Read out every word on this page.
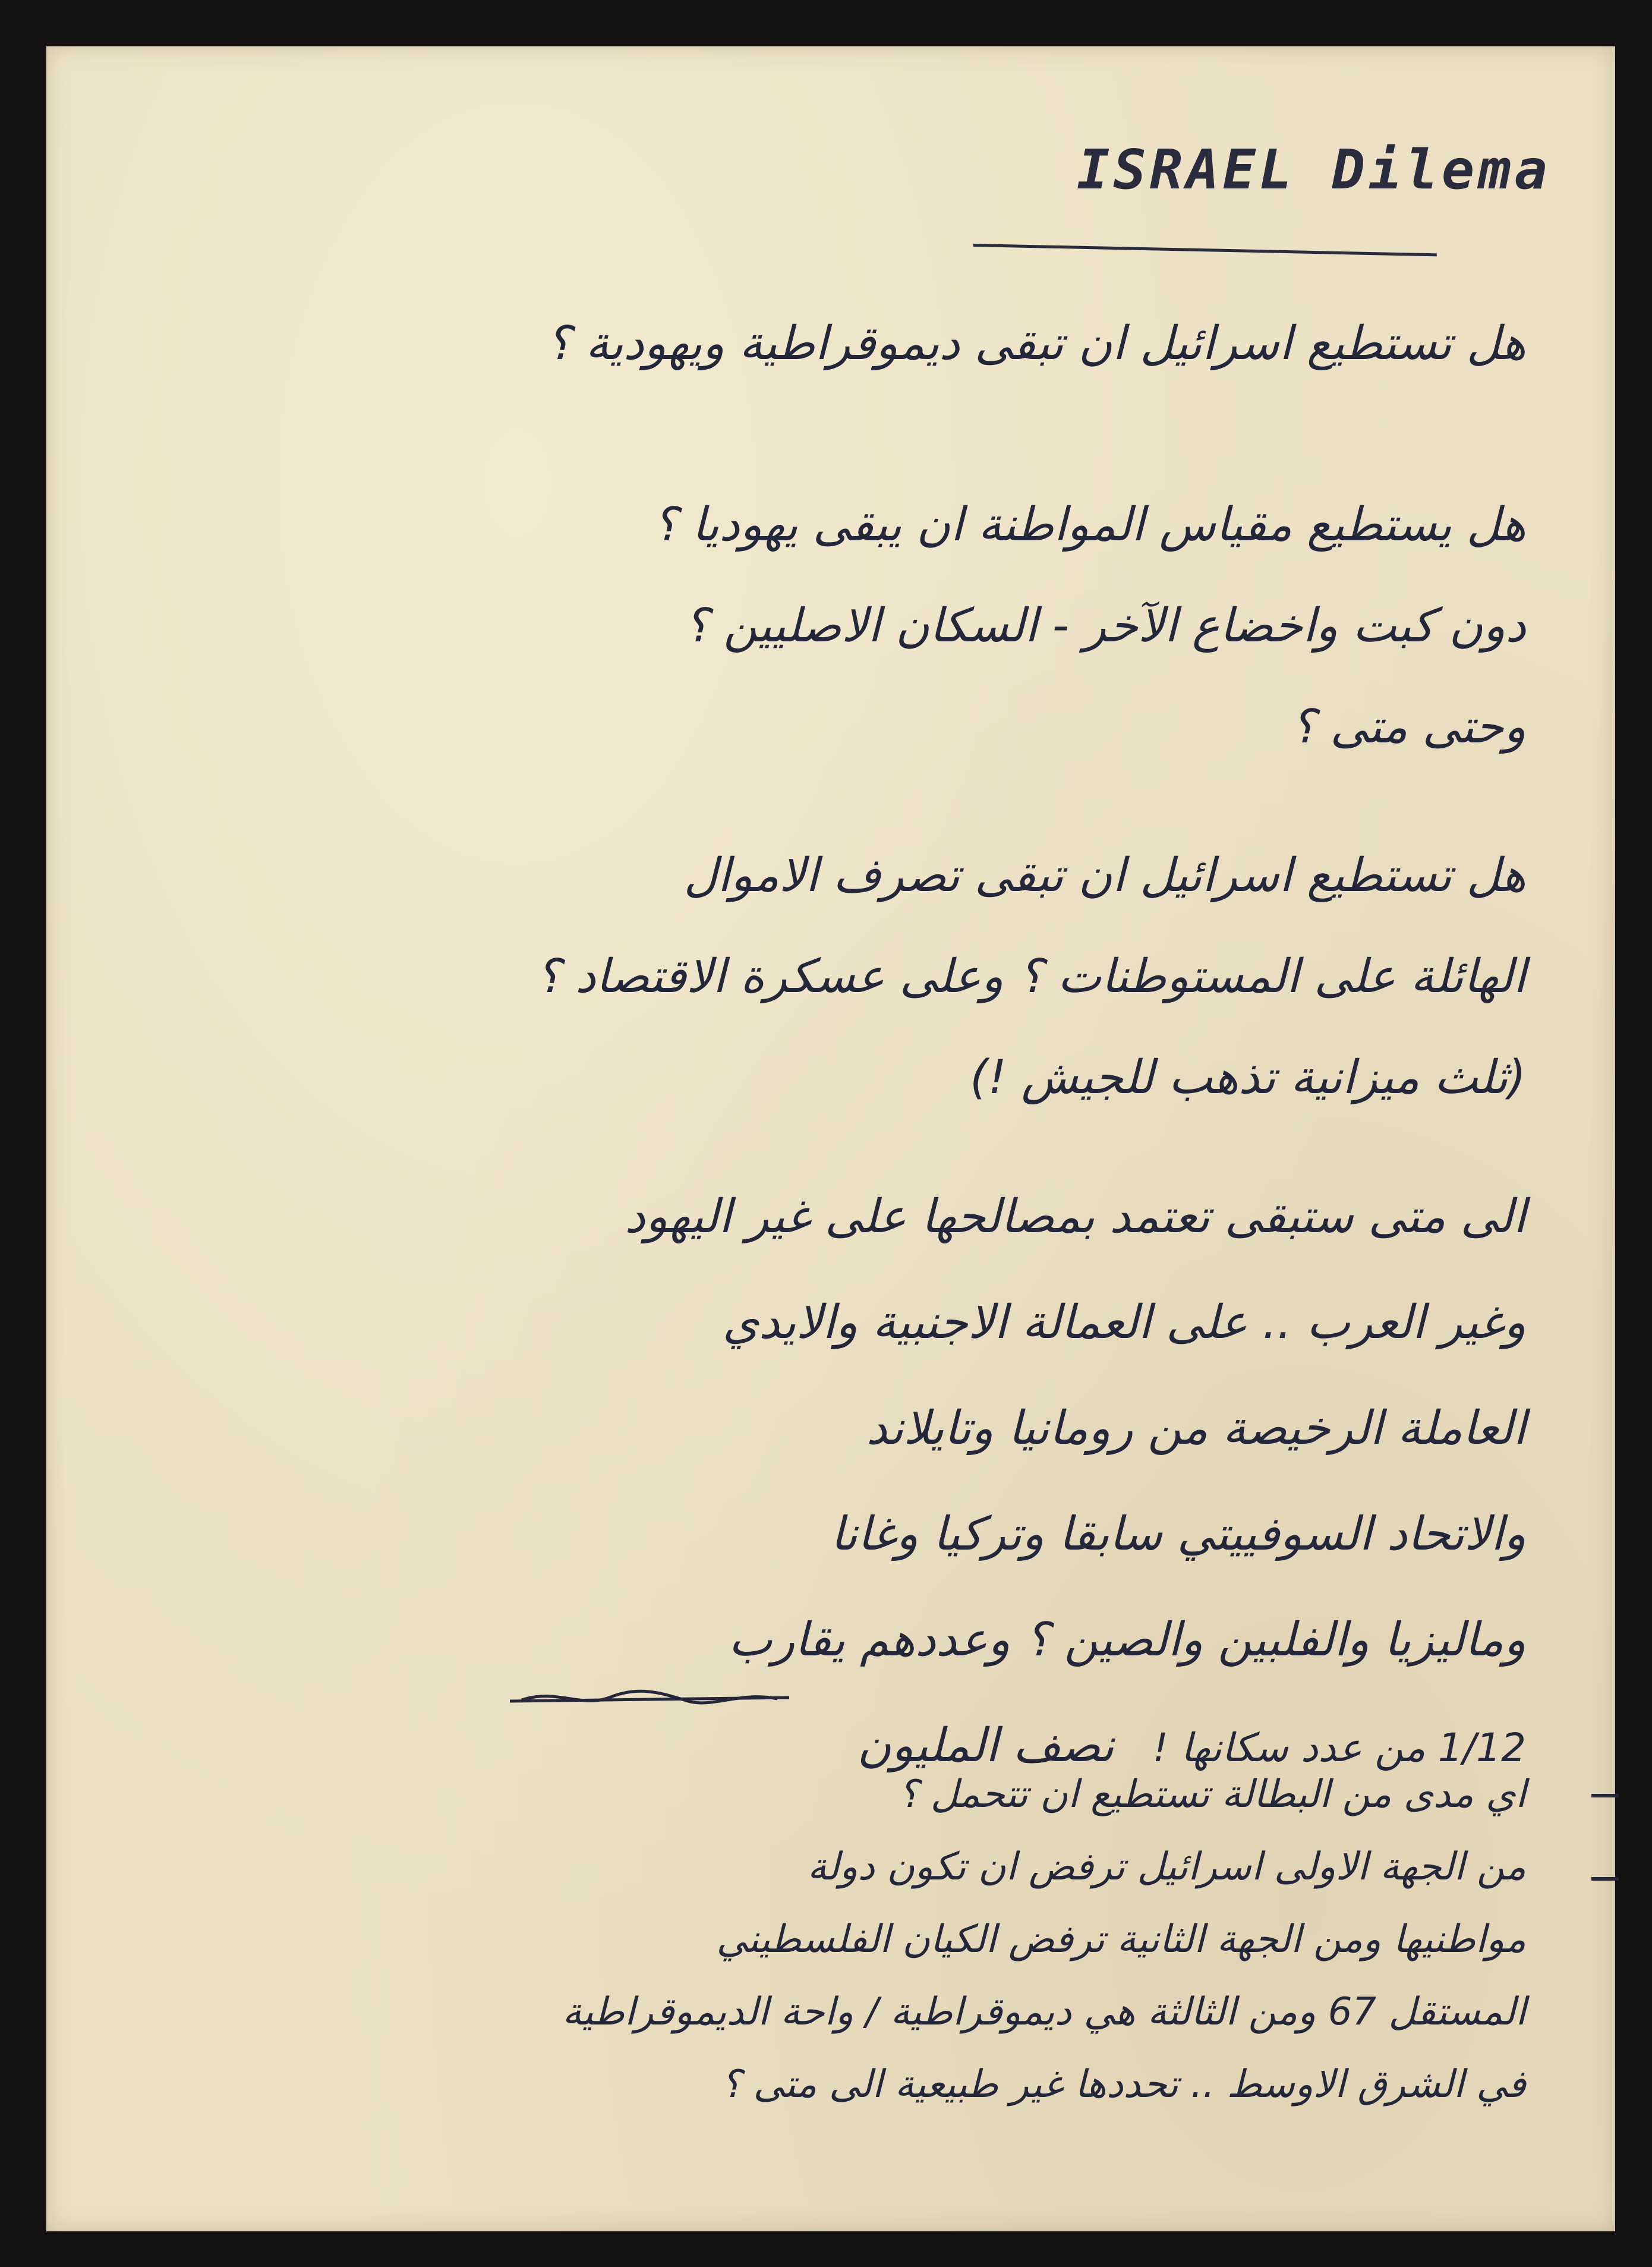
ISRAEL Dilema
هل تستطيع اسرائيل ان تبقى ديموقراطية ويهودية ؟
هل يستطيع مقياس المواطنة ان يبقى يهوديا ؟
دون كبت واخضاع الآخر - السكان الاصليين ؟
وحتى متى ؟
هل تستطيع اسرائيل ان تبقى تصرف الاموال
الهائلة على المستوطنات ؟ وعلى عسكرة الاقتصاد ؟
(ثلث ميزانية تذهب للجيش !)
الى متى ستبقى تعتمد بمصالحها على غير اليهود
وغير العرب .. على العمالة الاجنبية والايدي
العاملة الرخيصة من رومانيا وتايلاند
والاتحاد السوفييتي سابقا وتركيا وغانا
وماليزيا والفلبين والصين ؟ وعددهم يقارب
1/12 من عدد سكانها ! نصف المليون
اي مدى من البطالة تستطيع ان تتحمل ؟
من الجهة الاولى اسرائيل ترفض ان تكون دولة
مواطنيها ومن الجهة الثانية ترفض الكيان الفلسطيني
المستقل 67 ومن الثالثة هي ديموقراطية / واحة الديموقراطية
في الشرق الاوسط .. تحددها غير طبيعية الى متى ؟
